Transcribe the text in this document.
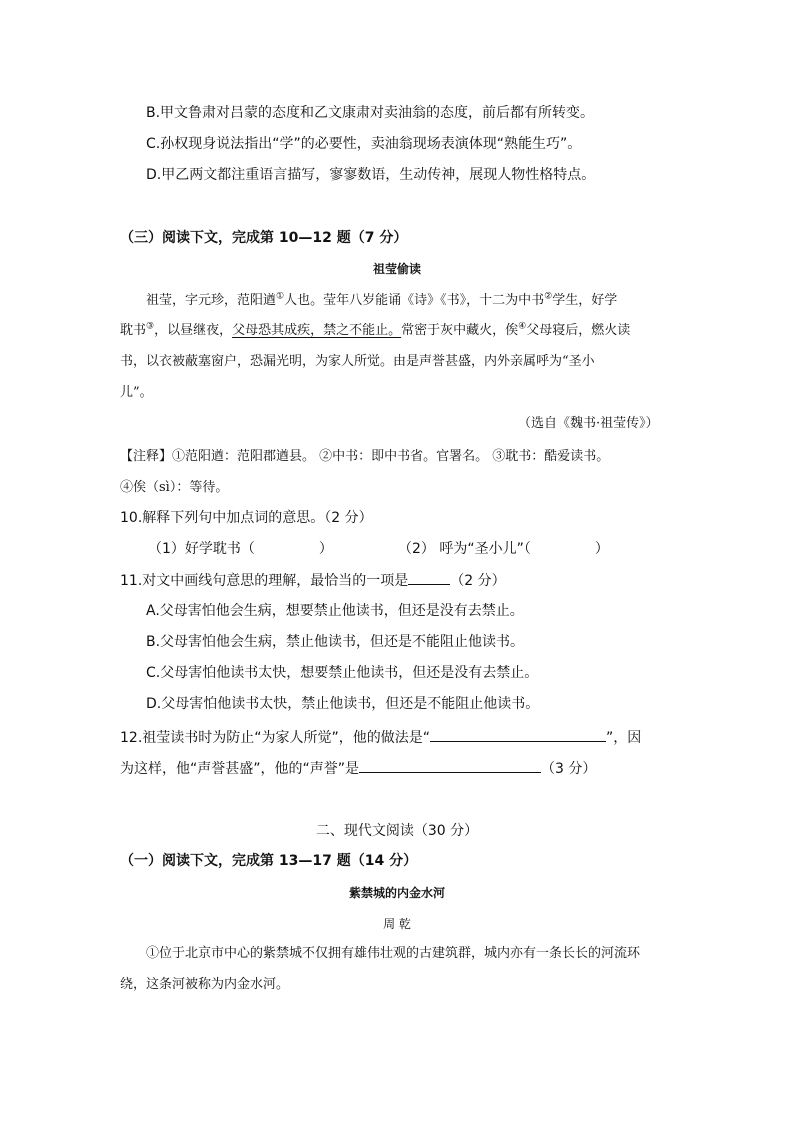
B.甲文鲁肃对吕蒙的态度和乙文康肃对卖油翁的态度，前后都有所转变。
C.孙权现身说法指出“学”的必要性，卖油翁现场表演体现“熟能生巧”。
D.甲乙两文都注重语言描写，寥寥数语，生动传神，展现人物性格特点。
（三）阅读下文，完成第 10—12 题（7 分）
祖莹偷读
祖莹，字元珍，范阳遒①人也。莹年八岁能诵《诗》《书》，十二为中书②学生，好学
耽书③，以昼继夜，父母恐其成疾，禁之不能止。常密于灰中藏火，俟④父母寝后，燃火读
书，以衣被蔽塞窗户，恐漏光明，为家人所觉。由是声誉甚盛，内外亲属呼为“圣小
儿”。
（选自《魏书·祖莹传》）
【注释】①范阳遒：范阳郡遒县。 ②中书：即中书省。官署名。 ③耽书：酷爱读书。
④俟（sì）：等待。
10.解释下列句中加点词的意思。（2 分）
（1）好学耽书（	）	（2） 呼为“圣小儿”（	）
11.对文中画线句意思的理解，最恰当的一项是	（2 分）
A.父母害怕他会生病，想要禁止他读书，但还是没有去禁止。
B.父母害怕他会生病，禁止他读书，但还是不能阻止他读书。
C.父母害怕他读书太快，想要禁止他读书，但还是没有去禁止。
D.父母害怕他读书太快，禁止他读书，但还是不能阻止他读书。
12.祖莹读书时为防止“为家人所觉”，他的做法是“	”，因
为这样，他“声誉甚盛”，他的“声誉”是	（3 分）
二、现代文阅读（30 分）
（一）阅读下文，完成第 13—17 题（14 分）
紫禁城的内金水河
周 乾
①位于北京市中心的紫禁城不仅拥有雄伟壮观的古建筑群，城内亦有一条长长的河流环
绕，这条河被称为内金水河。
